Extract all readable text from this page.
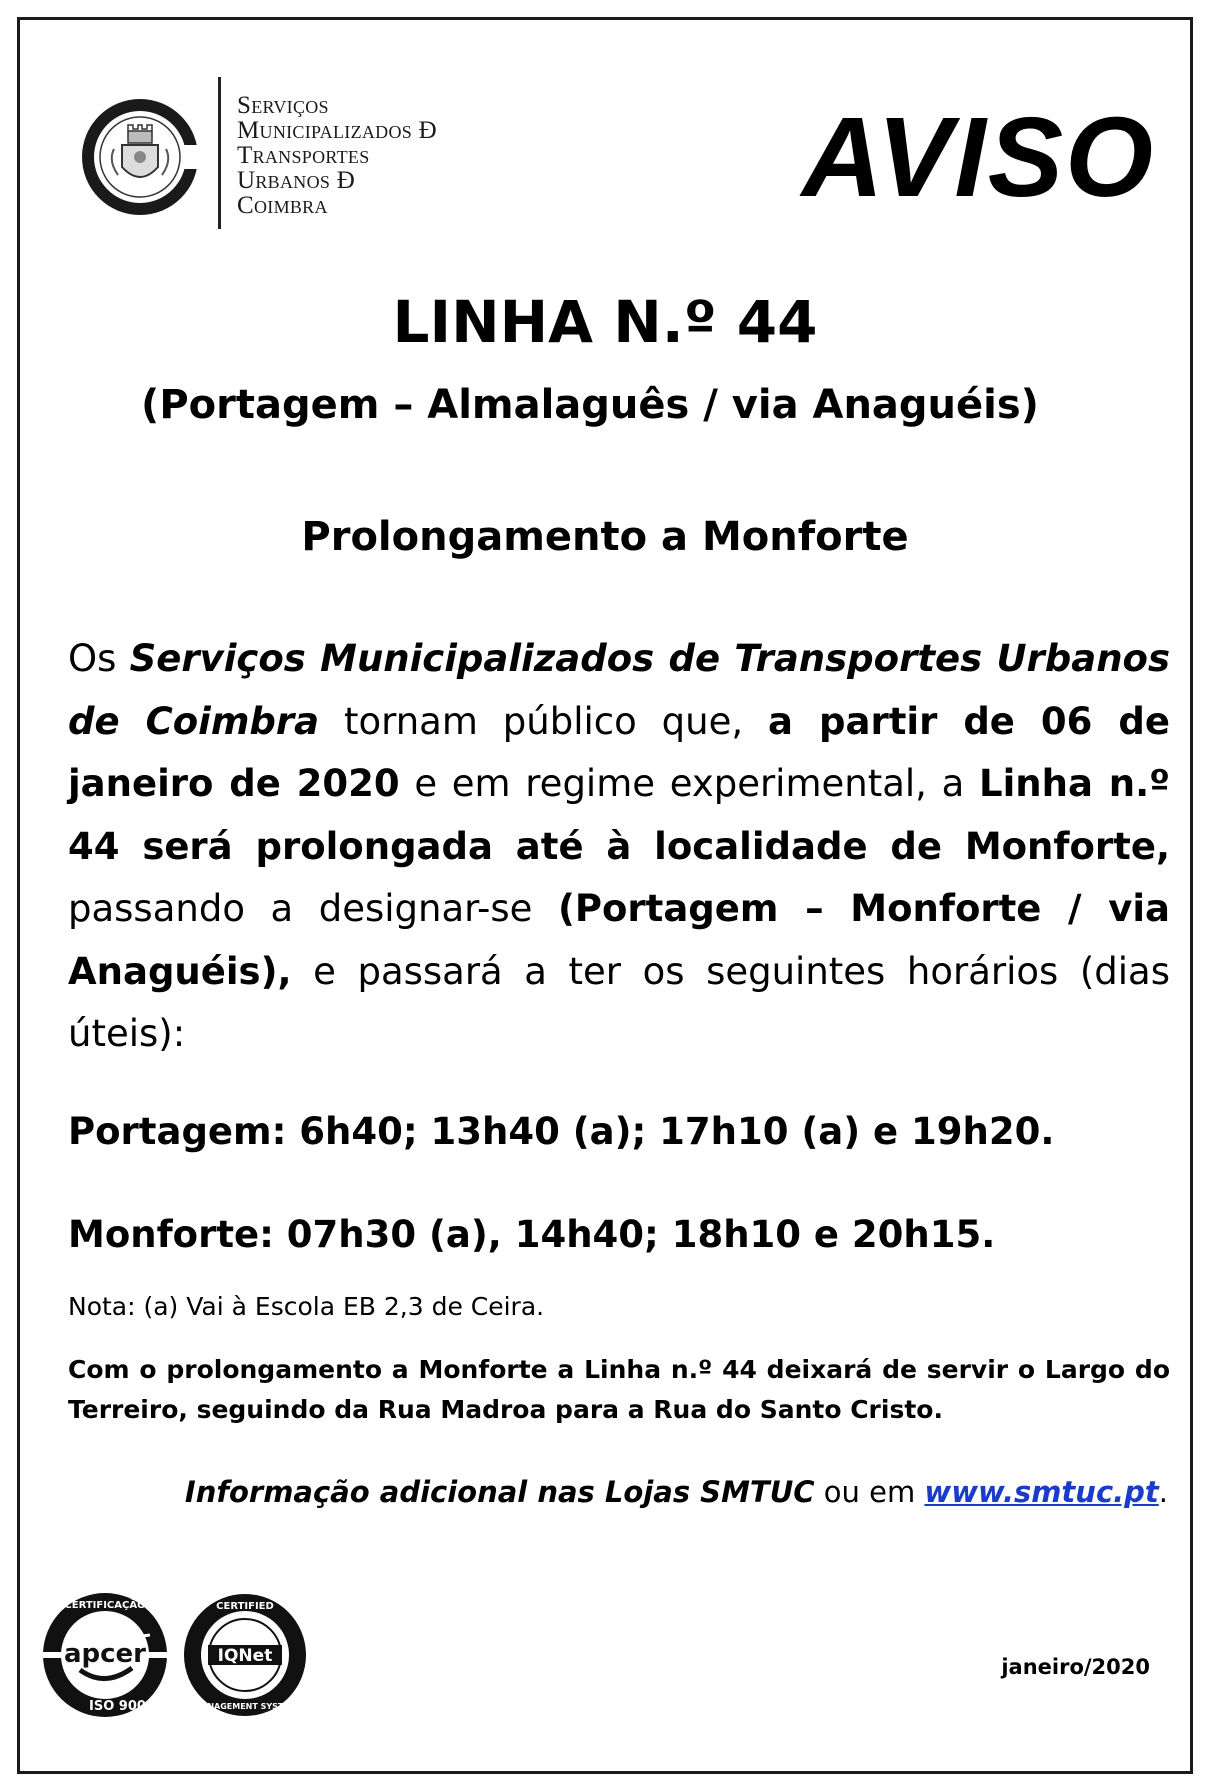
Serviços
Municipalizados Ð
Transportes
Urbanos Ð
Coimbra	AVISO
LINHA N.º 44
(Portagem – Almalaguês / via Anaguéis)
Prolongamento a Monforte
Os Serviços Municipalizados de Transportes Urbanos de Coimbra tornam público que, a partir de 06 de janeiro de 2020 e em regime experimental, a Linha n.º 44 será prolongada até à localidade de Monforte, passando a designar-se (Portagem – Monforte / via Anaguéis), e passará a ter os seguintes horários (dias úteis):
Portagem: 6h40; 13h40 (a); 17h10 (a) e 19h20.
Monforte: 07h30 (a), 14h40; 18h10 e 20h15.
Nota: (a) Vai à Escola EB 2,3 de Ceira.
Com o prolongamento a Monforte a Linha n.º 44 deixará de servir o Largo do Terreiro, seguindo da Rua Madroa para a Rua do Santo Cristo.
Informação adicional nas Lojas SMTUC ou em www.smtuc.pt.
apcer
CERTIFICAÇÃO
ISO 9001
IQNet
CERTIFIED
MANAGEMENT SYSTEM
janeiro/2020
